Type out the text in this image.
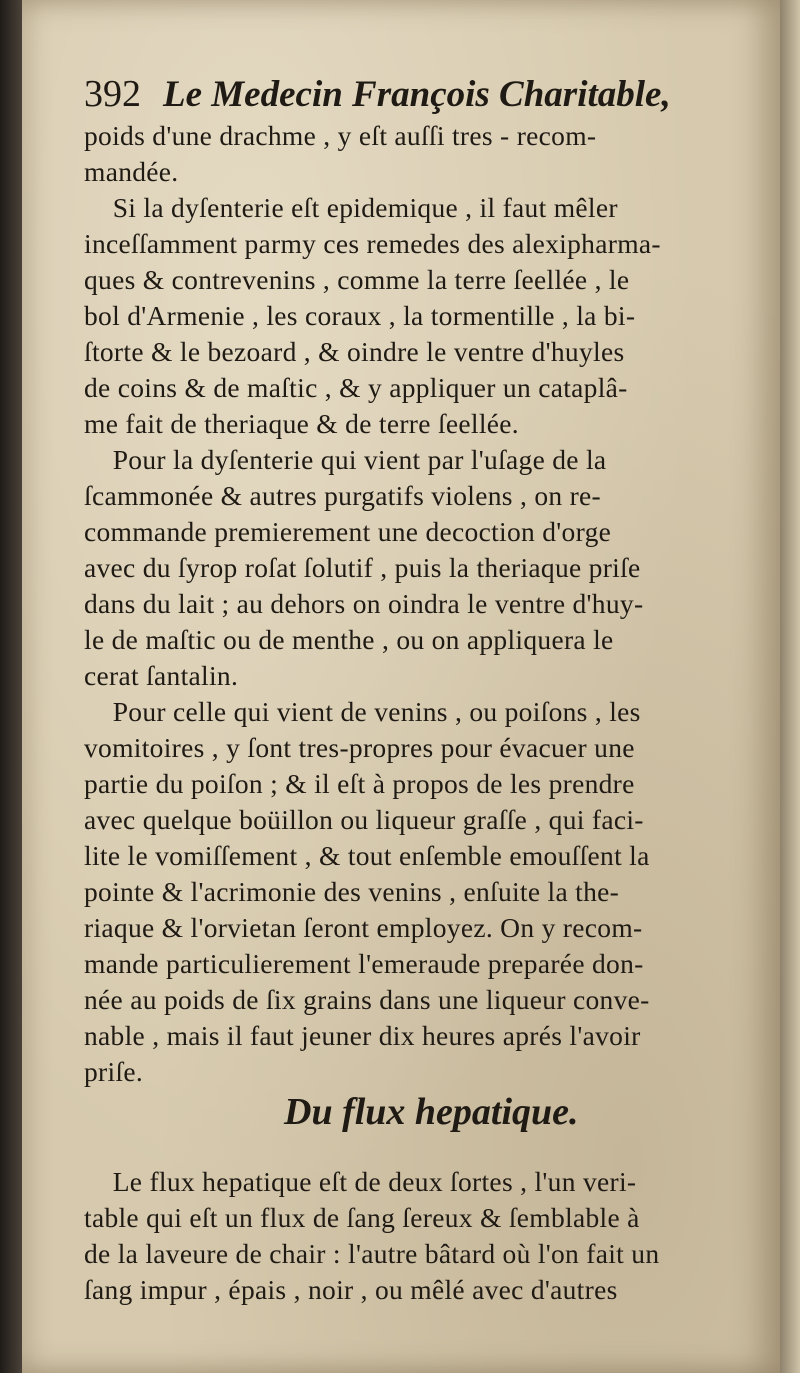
392 Le Medecin François Charitable,
poids d'une drachme , y eſt auſſi tres - recom-
mandée.
Si la dyſenterie eſt epidemique , il faut mêler
inceſſamment parmy ces remedes des alexipharma-
ques & contrevenins , comme la terre ſeellée , le
bol d'Armenie , les coraux , la tormentille , la bi-
ſtorte & le bezoard , & oindre le ventre d'huyles
de coins & de maſtic , & y appliquer un cataplâ-
me fait de theriaque & de terre ſeellée.
Pour la dyſenterie qui vient par l'uſage de la
ſcammonée & autres purgatifs violens , on re-
commande premierement une decoction d'orge
avec du ſyrop roſat ſolutif , puis la theriaque priſe
dans du lait ; au dehors on oindra le ventre d'huy-
le de maſtic ou de menthe , ou on appliquera le
cerat ſantalin.
Pour celle qui vient de venins , ou poiſons , les
vomitoires , y ſont tres-propres pour évacuer une
partie du poiſon ; & il eſt à propos de les prendre
avec quelque boüillon ou liqueur graſſe , qui faci-
lite le vomiſſement , & tout enſemble emouſſent la
pointe & l'acrimonie des venins , enſuite la the-
riaque & l'orvietan ſeront employez. On y recom-
mande particulierement l'emeraude preparée don-
née au poids de ſix grains dans une liqueur conve-
nable , mais il faut jeuner dix heures aprés l'avoir
priſe.
Du flux hepatique.
Le flux hepatique eſt de deux ſortes , l'un veri-
table qui eſt un flux de ſang ſereux & ſemblable à
de la laveure de chair : l'autre bâtard où l'on fait un
ſang impur , épais , noir , ou mêlé avec d'autres
